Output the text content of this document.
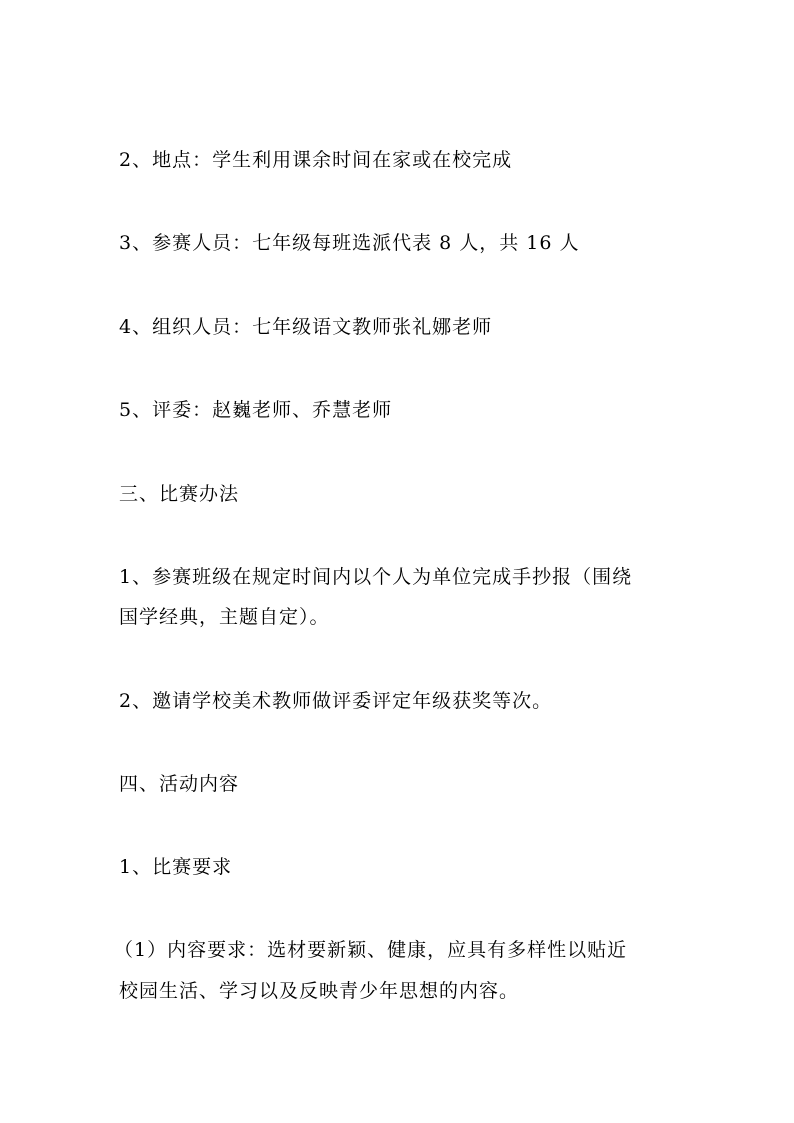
2、地点：学生利用课余时间在家或在校完成
3、参赛人员：七年级每班选派代表 8 人，共 16 人
4、组织人员：七年级语文教师张礼娜老师
5、评委：赵巍老师、乔慧老师
三、比赛办法
1、参赛班级在规定时间内以个人为单位完成手抄报（围绕
国学经典，主题自定）。
2、邀请学校美术教师做评委评定年级获奖等次。
四、活动内容
1、比赛要求
（1）内容要求：选材要新颖、健康，应具有多样性以贴近
校园生活、学习以及反映青少年思想的内容。
